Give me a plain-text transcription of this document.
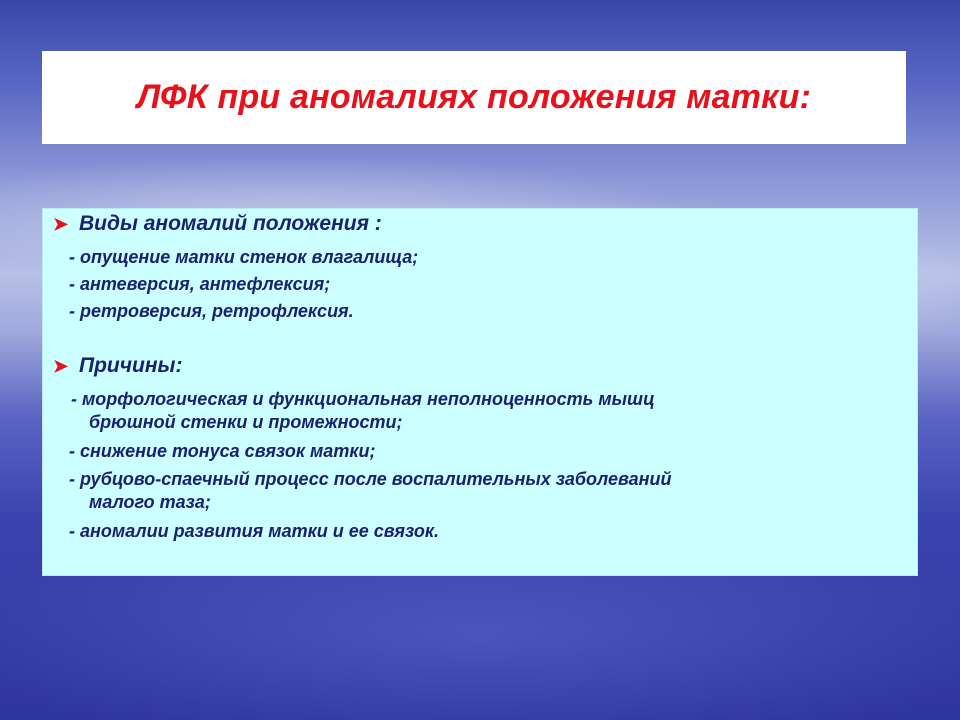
ЛФК при аномалиях положения матки:
➤ Виды аномалий положения :
- опущение матки стенок влагалища;
- антеверсия, антефлексия;
- ретроверсия, ретрофлексия.
➤ Причины:
- морфологическая и функциональная неполноценность мышц
брюшной стенки и промежности;
- снижение тонуса связок матки;
- рубцово-спаечный процесс после воспалительных заболеваний
малого таза;
- аномалии развития матки и ее связок.
